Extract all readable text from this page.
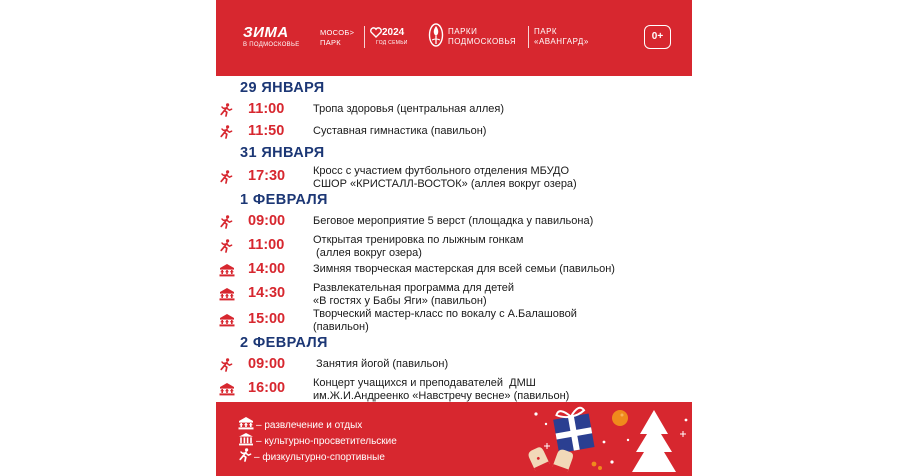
ЗИМА
В ПОДМОСКОВЬЕ
МОСОБ>
ПАРК
2024
ГОД СЕМЬИ
ПАРКИ
ПОДМОСКОВЬЯ
ПАРК
«АВАНГАРД»	0+
29 ЯНВАРЯ
11:00	Тропа здоровья (центральная аллея)
11:50	Суставная гимнастика (павильон)
31 ЯНВАРЯ
17:30	Кросс с участием футбольного отделения МБУДО
СШОР «КРИСТАЛЛ-ВОСТОК» (аллея вокруг озера)
1 ФЕВРАЛЯ
09:00	Беговое мероприятие 5 верст (площадка у павильона)
11:00	Открытая тренировка по лыжным гонкам
(аллея вокруг озера)
14:00	Зимняя творческая мастерская для всей семьи (павильон)
14:30	Развлекательная программа для детей
«В гостях у Бабы Яги» (павильон)
15:00	Творческий мастер-класс по вокалу с А.Балашовой
(павильон)
2 ФЕВРАЛЯ
09:00	Занятия йогой (павильон)
16:00	Концерт учащихся и преподавателей  ДМШ
им.Ж.И.Андреенко «Навстречу весне» (павильон)
– развлечение и отдых
– культурно-просветительские
– физкультурно-спортивные
